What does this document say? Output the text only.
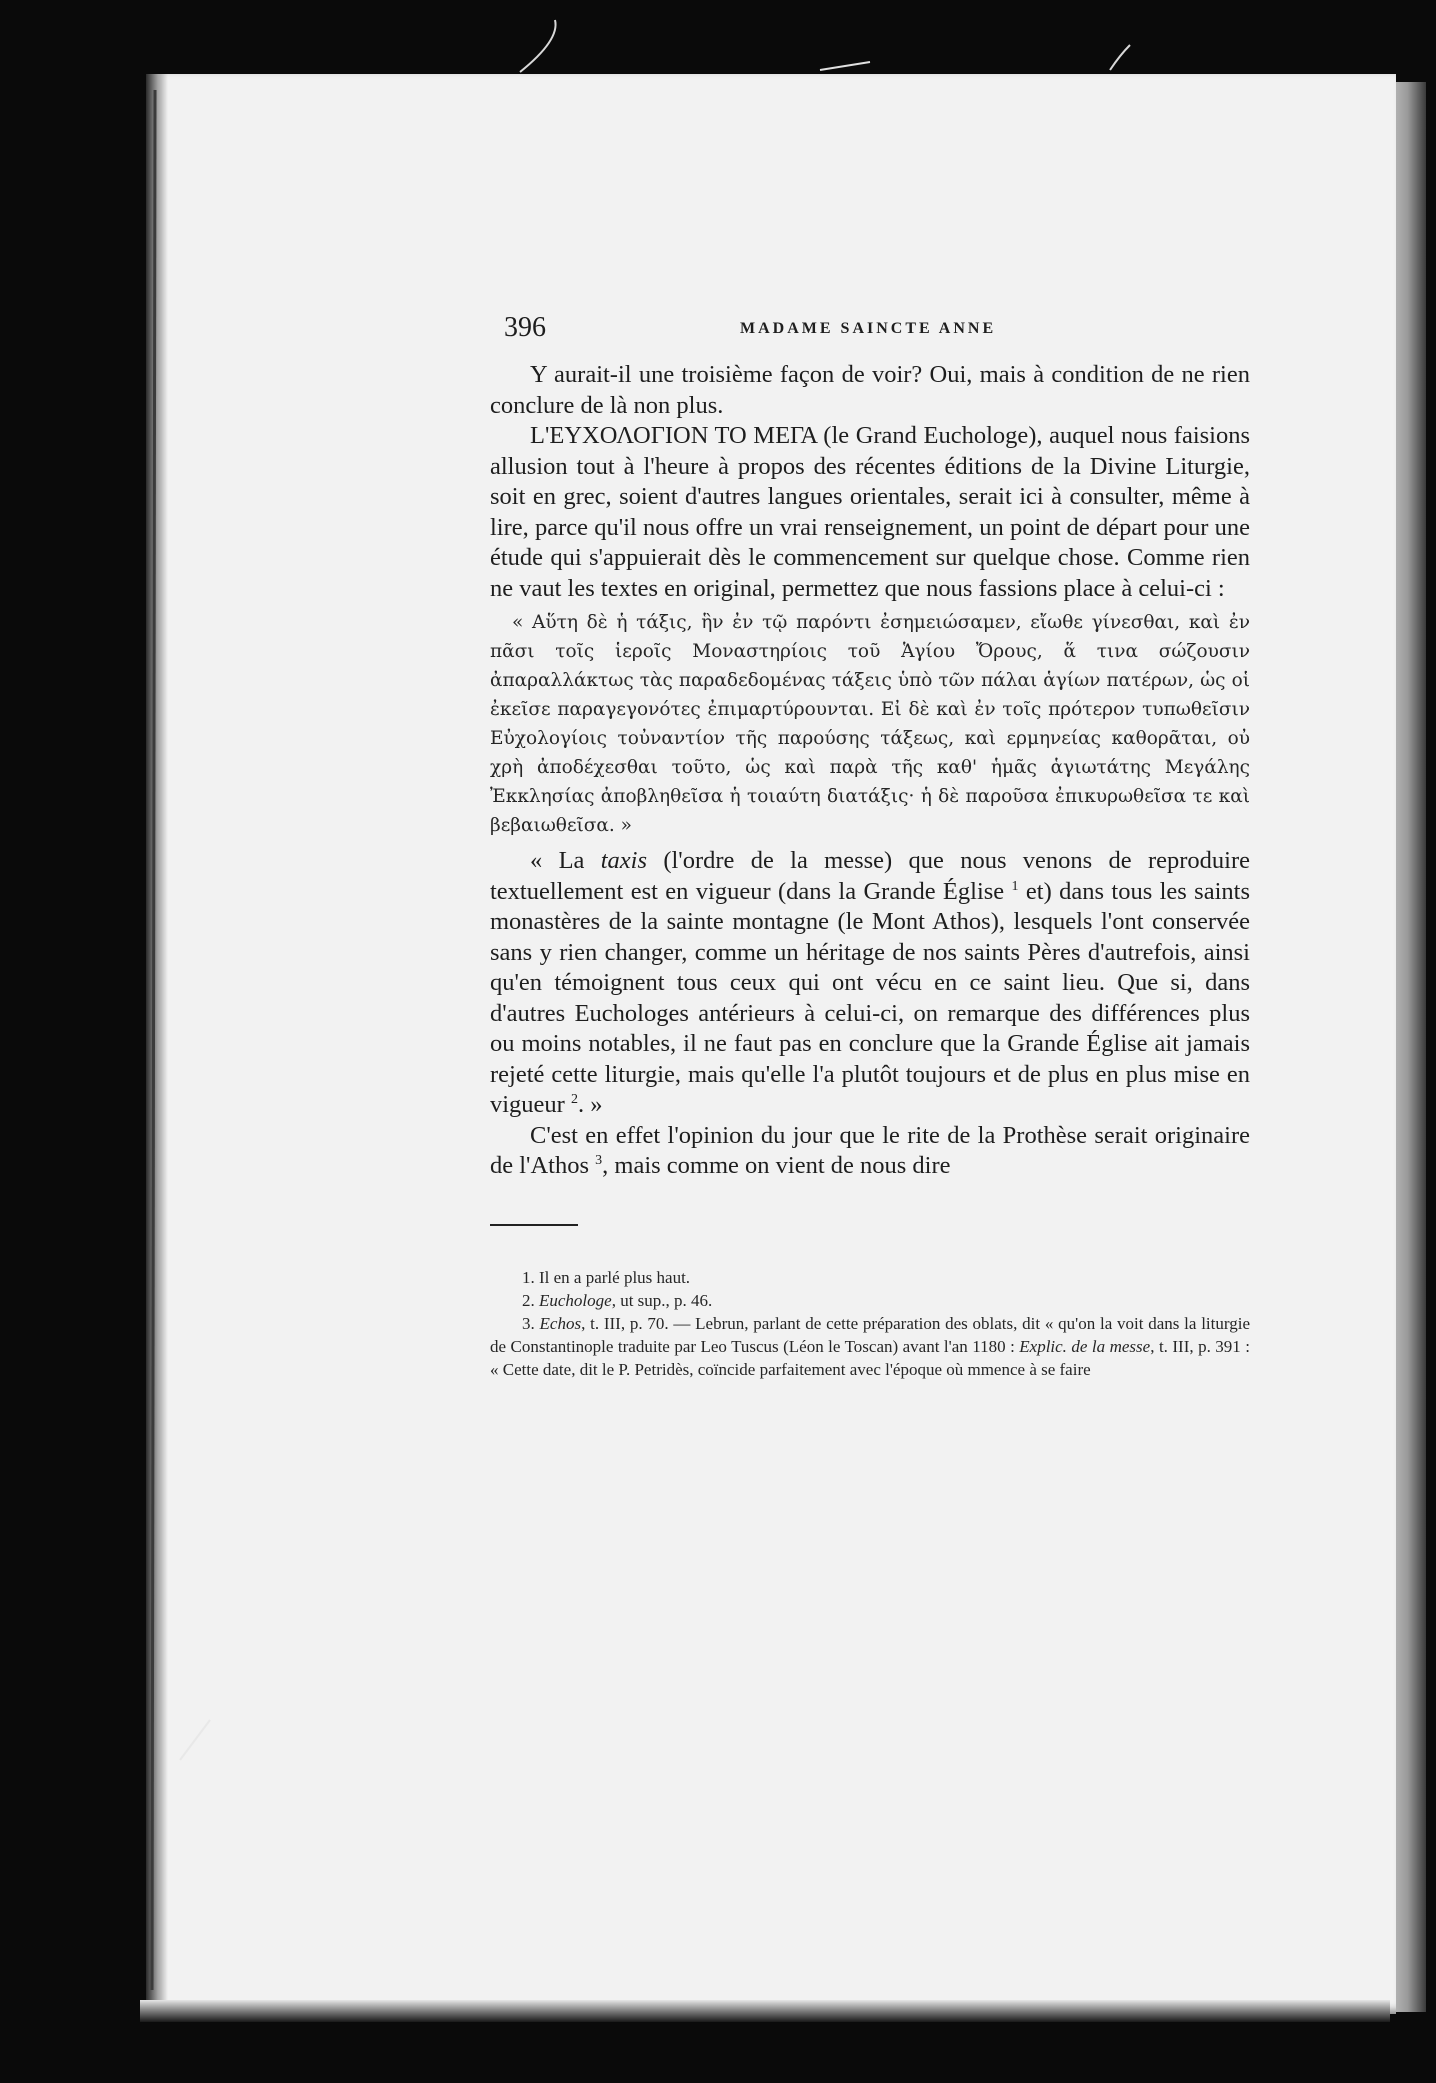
396	MADAME SAINCTE ANNE

Y aurait-il une troisième façon de voir? Oui, mais à condition de ne rien conclure de là non plus.

L'ΕΥΧΟΛΟΓΙΟΝ ΤΟ ΜΕΓΑ (le Grand Euchologe), auquel nous faisions allusion tout à l'heure à propos des récentes éditions de la Divine Liturgie, soit en grec, soient d'autres langues orientales, serait ici à consulter, même à lire, parce qu'il nous offre un vrai renseignement, un point de départ pour une étude qui s'appuierait dès le commencement sur quelque chose. Comme rien ne vaut les textes en original, permettez que nous fassions place à celui-ci :

« Αὕτη δὲ ἡ τάξις, ἣν ἐν τῷ παρόντι ἐσημειώσαμεν, εἴωθε γίνεσθαι, καὶ ἐν πᾶσι τοῖς ἱεροῖς Μοναστηρίοις τοῦ Ἁγίου Ὄρους, ἅ τινα σώζουσιν ἀπαραλλάκτως τὰς παραδεδομένας τάξεις ὑπὸ τῶν πάλαι ἁγίων πατέρων, ὡς οἱ ἐκεῖσε παραγεγονότες ἐπιμαρτύρουνται. Εἰ δὲ καὶ ἐν τοῖς πρότερον τυπωθεῖσιν Εὐχολογίοις τοὐναντίον τῆς παρούσης τάξεως, καὶ ερμηνείας καθορᾶται, οὐ χρὴ ἀποδέχεσθαι τοῦτο, ὡς καὶ παρὰ τῆς καθ' ἡμᾶς ἁγιωτάτης Μεγάλης Ἐκκλησίας ἀποβληθεῖσα ἡ τοιαύτη διατάξις· ἡ δὲ παροῦσα ἐπικυρωθεῖσα τε καὶ βεβαιωθεῖσα. »

« La taxis (l'ordre de la messe) que nous venons de reproduire textuellement est en vigueur (dans la Grande Église $^1$ et) dans tous les saints monastères de la sainte montagne (le Mont Athos), lesquels l'ont conservée sans y rien changer, comme un héritage de nos saints Pères d'autrefois, ainsi qu'en témoignent tous ceux qui ont vécu en ce saint lieu. Que si, dans d'autres Euchologes antérieurs à celui-ci, on remarque des différences plus ou moins notables, il ne faut pas en conclure que la Grande Église ait jamais rejeté cette liturgie, mais qu'elle l'a plutôt toujours et de plus en plus mise en vigueur $^2$. »

C'est en effet l'opinion du jour que le rite de la Prothèse serait originaire de l'Athos $^3$, mais comme on vient de nous dire

1. Il en a parlé plus haut.

2. Euchologe, ut sup., p. 46.

3. Echos, t. III, p. 70. — Lebrun, parlant de cette préparation des oblats, dit « qu'on la voit dans la liturgie de Constantinople traduite par Leo Tuscus (Léon le Toscan) avant l'an 1180 : Explic. de la messe, t. III, p. 391 : « Cette date, dit le P. Petridès, coïncide parfaitement avec l'époque où mmence à se faire
